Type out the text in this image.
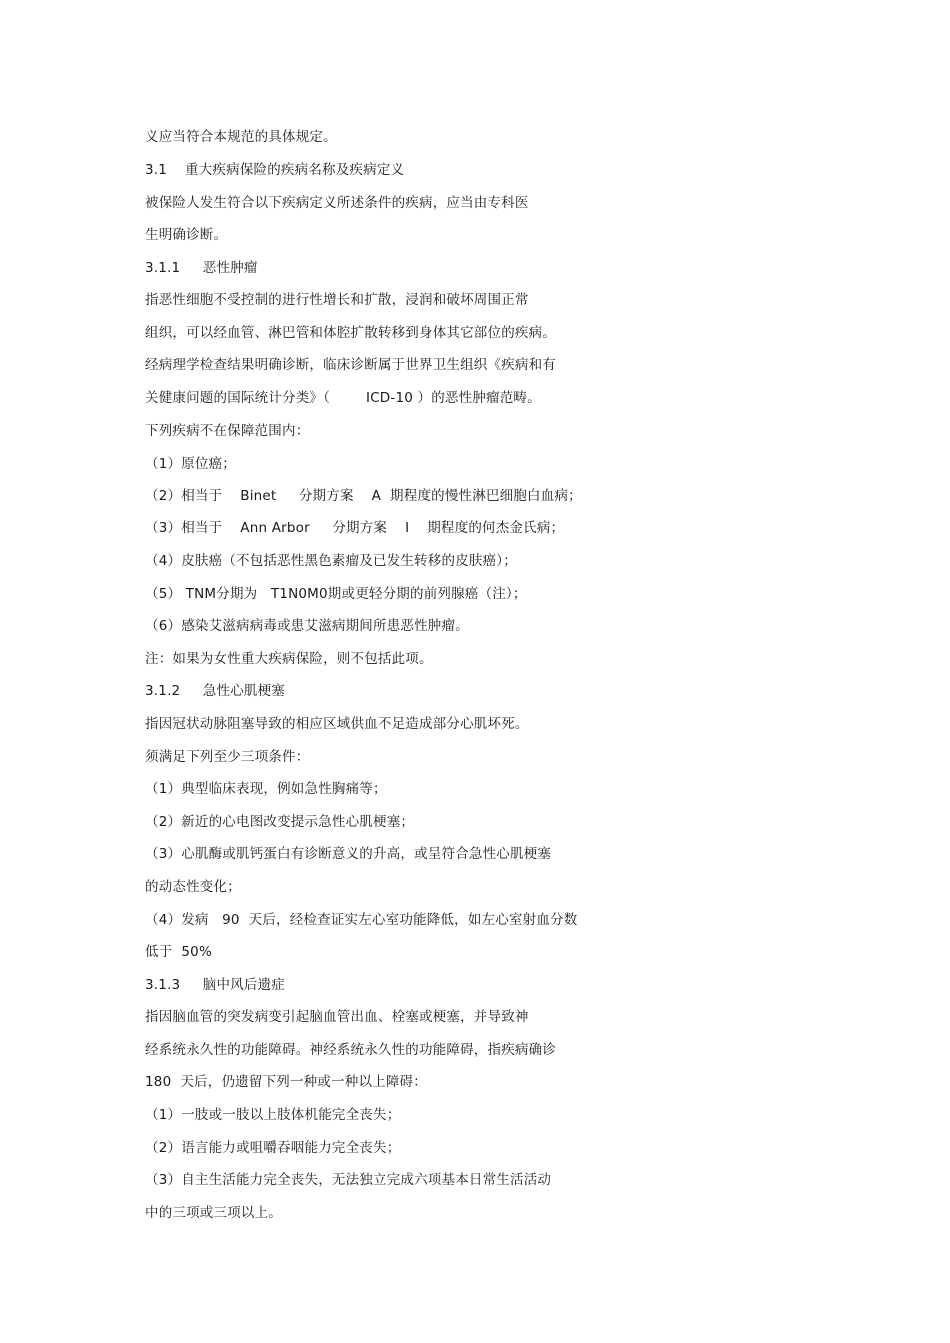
义应当符合本规范的具体规定。
3.1    重大疾病保险的疾病名称及疾病定义
被保险人发生符合以下疾病定义所述条件的疾病，应当由专科医
生明确诊断。
3.1.1     恶性肿瘤
指恶性细胞不受控制的进行性增长和扩散，浸润和破坏周围正常
组织，可以经血管、淋巴管和体腔扩散转移到身体其它部位的疾病。
经病理学检查结果明确诊断，临床诊断属于世界卫生组织《疾病和有
关健康问题的国际统计分类》（        ICD-10 ）的恶性肿瘤范畴。
下列疾病不在保障范围内：
（1）原位癌；
（2）相当于    Binet     分期方案    A  期程度的慢性淋巴细胞白血病；
（3）相当于    Ann Arbor     分期方案    I    期程度的何杰金氏病；
（4）皮肤癌（不包括恶性黑色素瘤及已发生转移的皮肤癌）；
（5） TNM分期为   T1N0M0期或更轻分期的前列腺癌（注）；
（6）感染艾滋病病毒或患艾滋病期间所患恶性肿瘤。
注：如果为女性重大疾病保险，则不包括此项。
3.1.2     急性心肌梗塞
指因冠状动脉阻塞导致的相应区域供血不足造成部分心肌坏死。
须满足下列至少三项条件：
（1）典型临床表现，例如急性胸痛等；
（2）新近的心电图改变提示急性心肌梗塞；
（3）心肌酶或肌钙蛋白有诊断意义的升高，或呈符合急性心肌梗塞
的动态性变化；
（4）发病   90  天后，经检查证实左心室功能降低，如左心室射血分数
低于  50%
3.1.3     脑中风后遗症
指因脑血管的突发病变引起脑血管出血、栓塞或梗塞，并导致神
经系统永久性的功能障碍。神经系统永久性的功能障碍，指疾病确诊
180  天后，仍遗留下列一种或一种以上障碍：
（1）一肢或一肢以上肢体机能完全丧失；
（2）语言能力或咀嚼吞咽能力完全丧失；
（3）自主生活能力完全丧失，无法独立完成六项基本日常生活活动
中的三项或三项以上。
